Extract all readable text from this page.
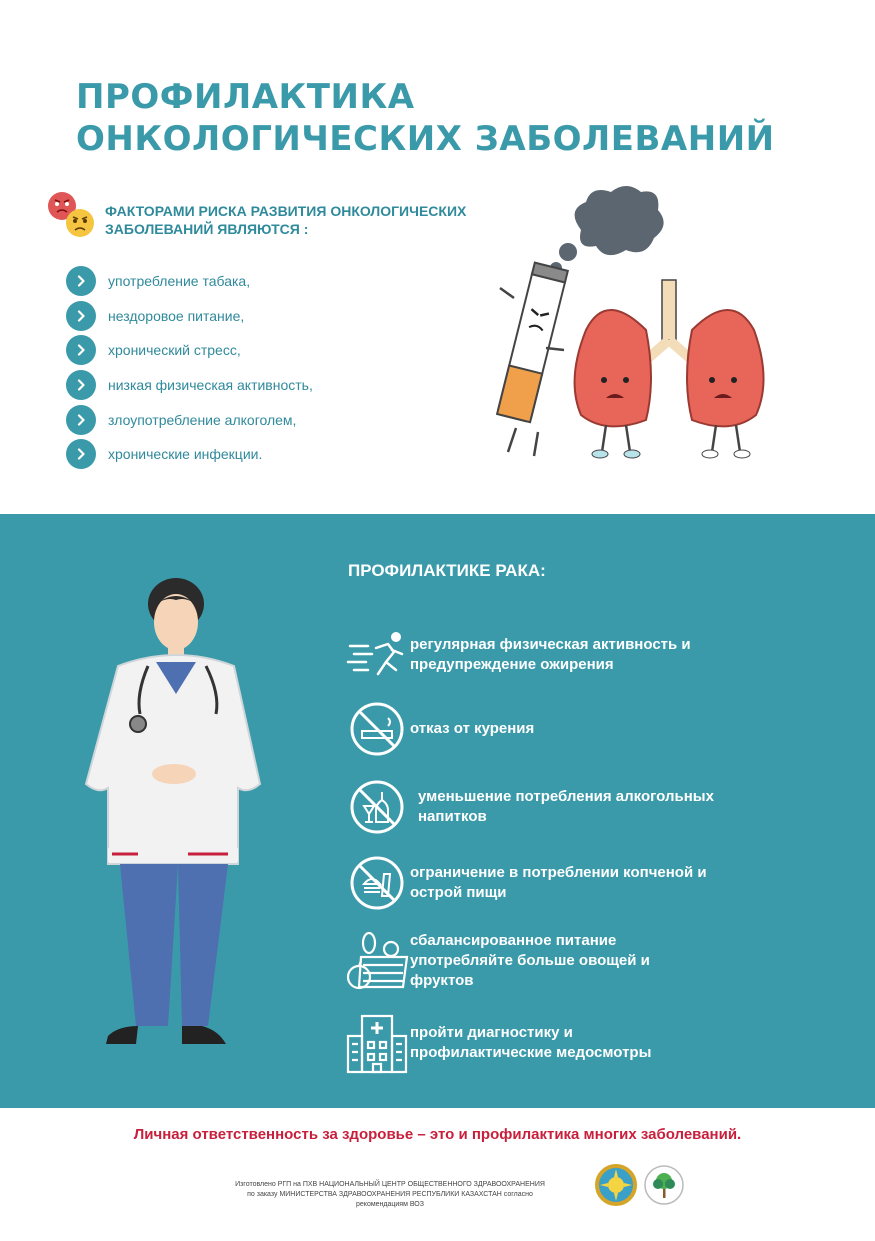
ПРОФИЛАКТИКА
ОНКОЛОГИЧЕСКИХ ЗАБОЛЕВАНИЙ
ФАКТОРАМИ РИСКА РАЗВИТИЯ ОНКОЛОГИЧЕСКИХ
ЗАБОЛЕВАНИЙ ЯВЛЯЮТСЯ :
употребление табака,
нездоровое питание,
хронический стресс,
низкая физическая активность,
злоупотребление алкоголем,
хронические инфекции.
ПРОФИЛАКТИКЕ РАКА:
регулярная физическая активность и
предупреждение ожирения
отказ от курения
уменьшение потребления алкогольных
напитков
ограничение в потреблении копченой и
острой пищи
сбалансированное питание
употребляйте больше овощей и
фруктов
пройти диагностику и
профилактические медосмотры
Личная ответственность за здоровье – это и профилактика многих заболеваний.
Изготовлено РГП на ПХВ НАЦИОНАЛЬНЫЙ ЦЕНТР ОБЩЕСТВЕННОГО ЗДРАВООХРАНЕНИЯ
по заказу МИНИСТЕРСТВА ЗДРАВООХРАНЕНИЯ РЕСПУБЛИКИ КАЗАХСТАН согласно
рекомендациям ВОЗ
